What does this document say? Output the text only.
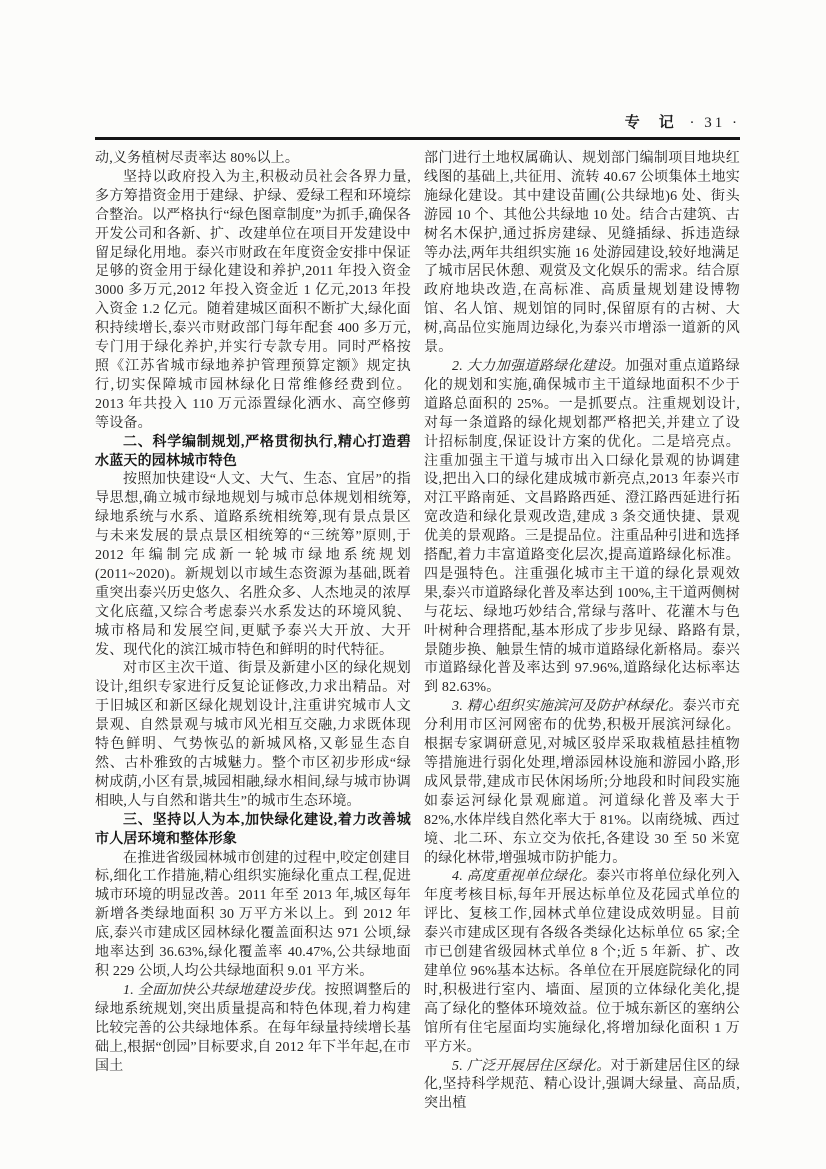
专　记 · 31 ·

动,义务植树尽责率达 80%以上。

坚持以政府投入为主,积极动员社会各界力量,多方筹措资金用于建绿、护绿、爱绿工程和环境综合整治。以严格执行“绿色图章制度”为抓手,确保各开发公司和各新、扩、改建单位在项目开发建设中留足绿化用地。泰兴市财政在年度资金安排中保证足够的资金用于绿化建设和养护,2011 年投入资金 3000 多万元,2012 年投入资金近 1 亿元,2013 年投入资金 1.2 亿元。随着建城区面积不断扩大,绿化面积持续增长,泰兴市财政部门每年配套 400 多万元,专门用于绿化养护,并实行专款专用。同时严格按照《江苏省城市绿地养护管理预算定额》规定执行,切实保障城市园林绿化日常维修经费到位。2013 年共投入 110 万元添置绿化洒水、高空修剪等设备。

二、科学编制规划,严格贯彻执行,精心打造碧水蓝天的园林城市特色

按照加快建设“人文、大气、生态、宜居”的指导思想,确立城市绿地规划与城市总体规划相统筹,绿地系统与水系、道路系统相统筹,现有景点景区与未来发展的景点景区相统筹的“三统筹”原则,于 2012 年编制完成新一轮城市绿地系统规划(2011~2020)。新规划以市域生态资源为基础,既着重突出泰兴历史悠久、名胜众多、人杰地灵的浓厚文化底蕴,又综合考虑泰兴水系发达的环境风貌、城市格局和发展空间,更赋予泰兴大开放、大开发、现代化的滨江城市特色和鲜明的时代特征。

对市区主次干道、街景及新建小区的绿化规划设计,组织专家进行反复论证修改,力求出精品。对于旧城区和新区绿化规划设计,注重讲究城市人文景观、自然景观与城市风光相互交融,力求既体现特色鲜明、气势恢弘的新城风格,又彰显生态自然、古朴雅致的古城魅力。整个市区初步形成“绿树成荫,小区有景,城园相融,绿水相间,绿与城市协调相映,人与自然和谐共生”的城市生态环境。

三、坚持以人为本,加快绿化建设,着力改善城市人居环境和整体形象

在推进省级园林城市创建的过程中,咬定创建目标,细化工作措施,精心组织实施绿化重点工程,促进城市环境的明显改善。2011 年至 2013 年,城区每年新增各类绿地面积 30 万平方米以上。到 2012 年底,泰兴市建成区园林绿化覆盖面积达 971 公顷,绿地率达到 36.63%,绿化覆盖率 40.47%,公共绿地面积 229 公顷,人均公共绿地面积 9.01 平方米。

1. 全面加快公共绿地建设步伐。按照调整后的绿地系统规划,突出质量提高和特色体现,着力构建比较完善的公共绿地体系。在每年绿量持续增长基础上,根据“创园”目标要求,自 2012 年下半年起,在市国土

部门进行土地权属确认、规划部门编制项目地块红线图的基础上,共征用、流转 40.67 公顷集体土地实施绿化建设。其中建设苗圃(公共绿地)6 处、街头游园 10 个、其他公共绿地 10 处。结合古建筑、古树名木保护,通过拆房建绿、见缝插绿、拆违造绿等办法,两年共组织实施 16 处游园建设,较好地满足了城市居民休憩、观赏及文化娱乐的需求。结合原政府地块改造,在高标准、高质量规划建设博物馆、名人馆、规划馆的同时,保留原有的古树、大树,高品位实施周边绿化,为泰兴市增添一道新的风景。

2. 大力加强道路绿化建设。加强对重点道路绿化的规划和实施,确保城市主干道绿地面积不少于道路总面积的 25%。一是抓要点。注重规划设计,对每一条道路的绿化规划都严格把关,并建立了设计招标制度,保证设计方案的优化。二是培亮点。注重加强主干道与城市出入口绿化景观的协调建设,把出入口的绿化建成城市新亮点,2013 年泰兴市对江平路南延、文昌路路西延、澄江路西延进行拓宽改造和绿化景观改造,建成 3 条交通快捷、景观优美的景观路。三是提品位。注重品种引进和选择搭配,着力丰富道路变化层次,提高道路绿化标准。四是强特色。注重强化城市主干道的绿化景观效果,泰兴市道路绿化普及率达到 100%,主干道两侧树与花坛、绿地巧妙结合,常绿与落叶、花灌木与色叶树种合理搭配,基本形成了步步见绿、路路有景,景随步换、触景生情的城市道路绿化新格局。泰兴市道路绿化普及率达到 97.96%,道路绿化达标率达到 82.63%。

3. 精心组织实施滨河及防护林绿化。泰兴市充分利用市区河网密布的优势,积极开展滨河绿化。根据专家调研意见,对城区驳岸采取栽植悬挂植物等措施进行弱化处理,增添园林设施和游园小路,形成风景带,建成市民休闲场所;分地段和时间段实施如泰运河绿化景观廊道。河道绿化普及率大于 82%,水体岸线自然化率大于 81%。以南绕城、西过境、北二环、东立交为依托,各建设 30 至 50 米宽的绿化林带,增强城市防护能力。

4. 高度重视单位绿化。泰兴市将单位绿化列入年度考核目标,每年开展达标单位及花园式单位的评比、复核工作,园林式单位建设成效明显。目前泰兴市建成区现有各级各类绿化达标单位 65 家;全市已创建省级园林式单位 8 个;近 5 年新、扩、改建单位 96%基本达标。各单位在开展庭院绿化的同时,积极进行室内、墙面、屋顶的立体绿化美化,提高了绿化的整体环境效益。位于城东新区的塞纳公馆所有住宅屋面均实施绿化,将增加绿化面积 1 万平方米。

5. 广泛开展居住区绿化。对于新建居住区的绿化,坚持科学规范、精心设计,强调大绿量、高品质,突出植
